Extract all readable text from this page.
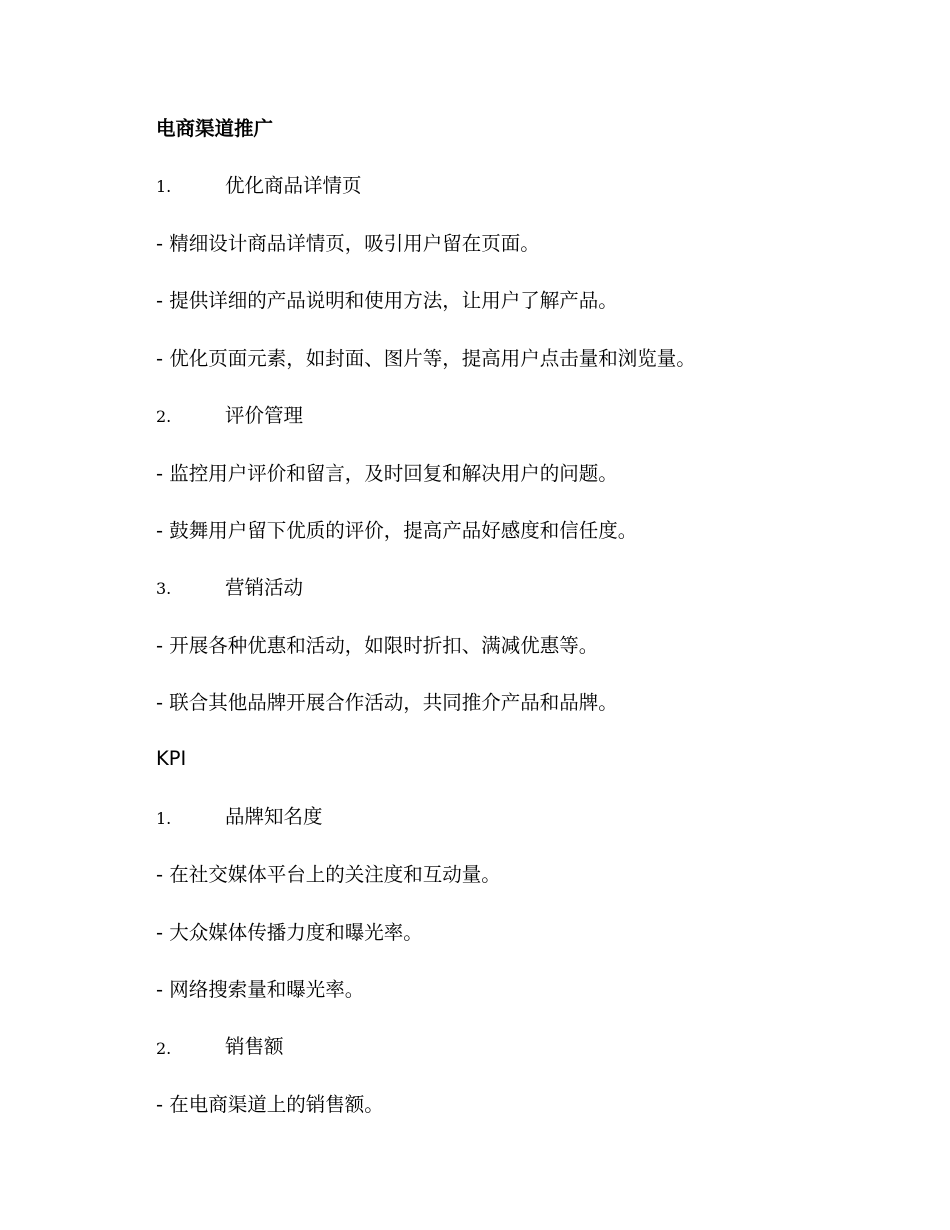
电商渠道推广
1.	优化商品详情页
- 精细设计商品详情页，吸引用户留在页面。
- 提供详细的产品说明和使用方法，让用户了解产品。
- 优化页面元素，如封面、图片等，提高用户点击量和浏览量。
2.	评价管理
- 监控用户评价和留言，及时回复和解决用户的问题。
- 鼓舞用户留下优质的评价，提高产品好感度和信任度。
3.	营销活动
- 开展各种优惠和活动，如限时折扣、满减优惠等。
- 联合其他品牌开展合作活动，共同推介产品和品牌。
KPI
1.	品牌知名度
- 在社交媒体平台上的关注度和互动量。
- 大众媒体传播力度和曝光率。
- 网络搜索量和曝光率。
2.	销售额
- 在电商渠道上的销售额。
